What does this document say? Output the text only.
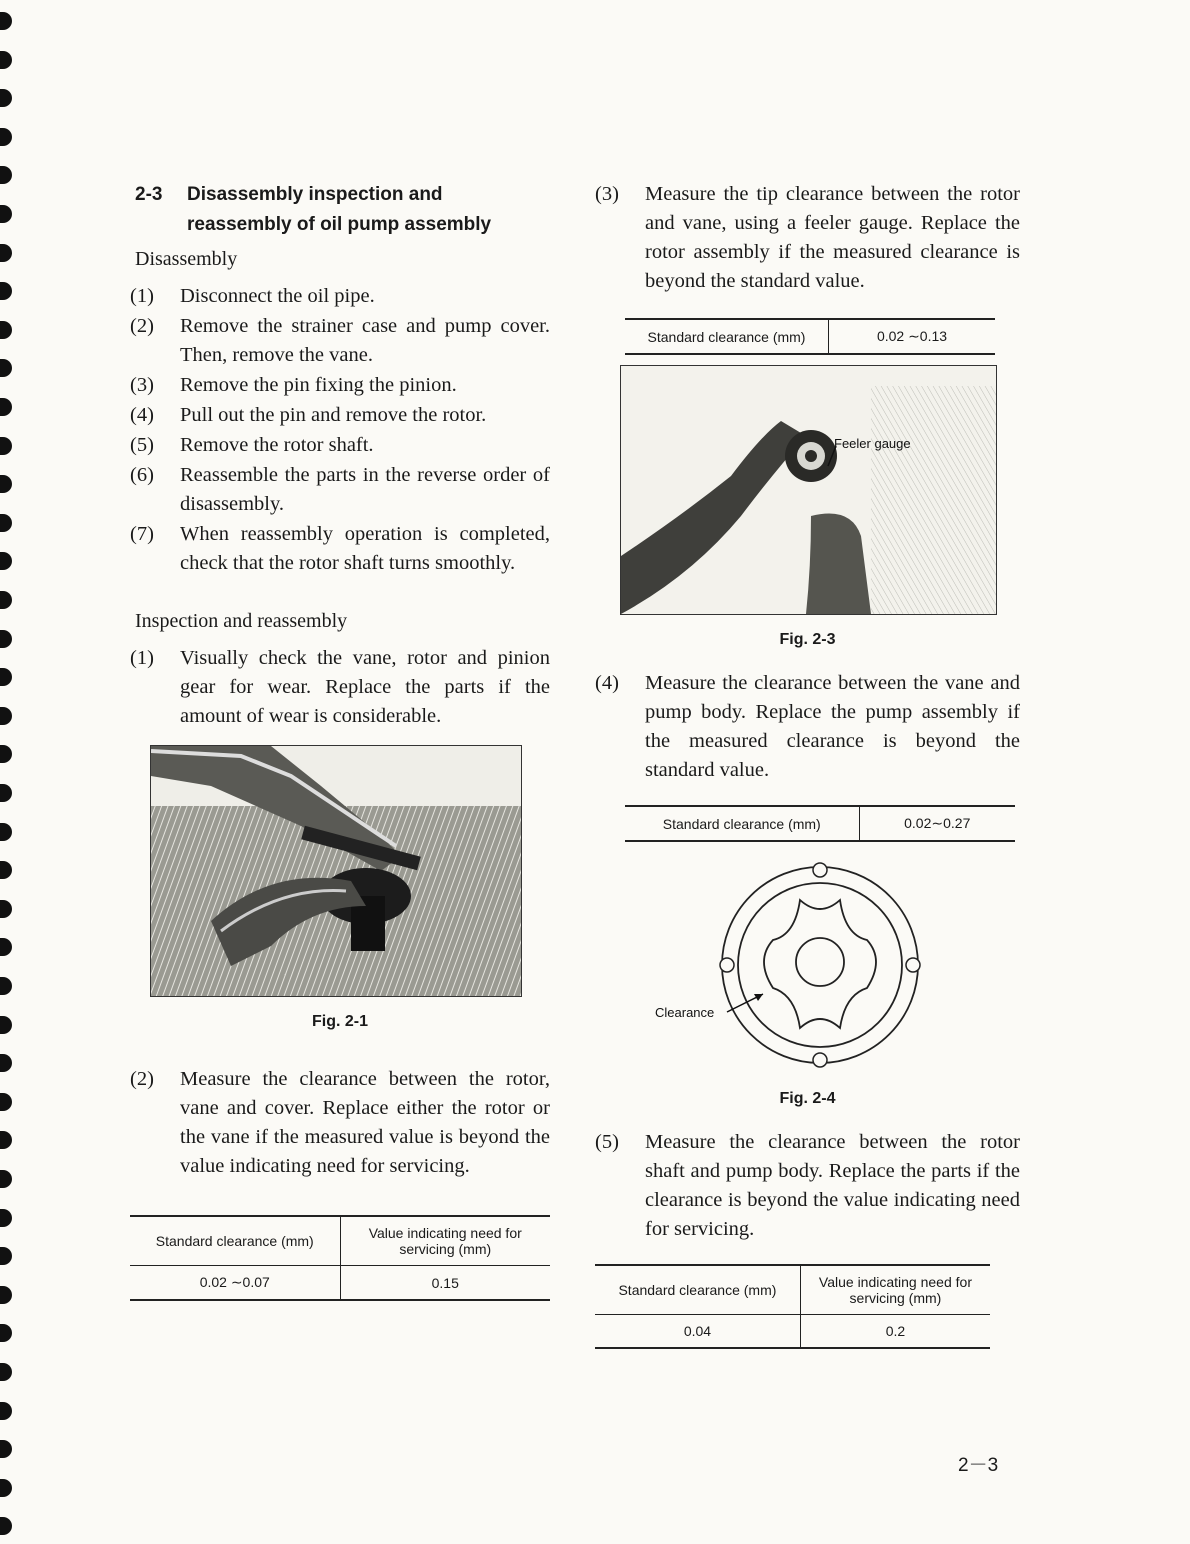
2-3	Disassembly inspection and reassembly of oil pump assembly
Disassembly
(1)	Disconnect the oil pipe.
(2)	Remove the strainer case and pump cover. Then, remove the vane.
(3)	Remove the pin fixing the pinion.
(4)	Pull out the pin and remove the rotor.
(5)	Remove the rotor shaft.
(6)	Reassemble the parts in the reverse order of disassembly.
(7)	When reassembly operation is completed, check that the rotor shaft turns smoothly.
Inspection and reassembly
(1)	Visually check the vane, rotor and pinion gear for wear. Replace the parts if the amount of wear is considerable.
Fig. 2-1
(2)	Measure the clearance between the rotor, vane and cover. Replace either the rotor or the vane if the measured value is beyond the value indicating need for servicing.
Standard clearance (mm)	Value indicating need for servicing (mm)
0.02 ∼0.07	0.15
(3)	Measure the tip clearance between the rotor and vane, using a feeler gauge. Replace the rotor assembly if the measured clearance is beyond the standard value.
Standard clearance (mm)	0.02 ∼0.13
Feeler gauge
Fig. 2-3
(4)	Measure the clearance between the vane and pump body. Replace the pump assembly if the measured clearance is beyond the standard value.
Standard clearance (mm)	0.02∼0.27
Clearance
Fig. 2-4
(5)	Measure the clearance between the rotor shaft and pump body. Replace the parts if the clearance is beyond the value indicating need for servicing.
Standard clearance (mm)	Value indicating need for servicing (mm)
0.04	0.2
2－3
